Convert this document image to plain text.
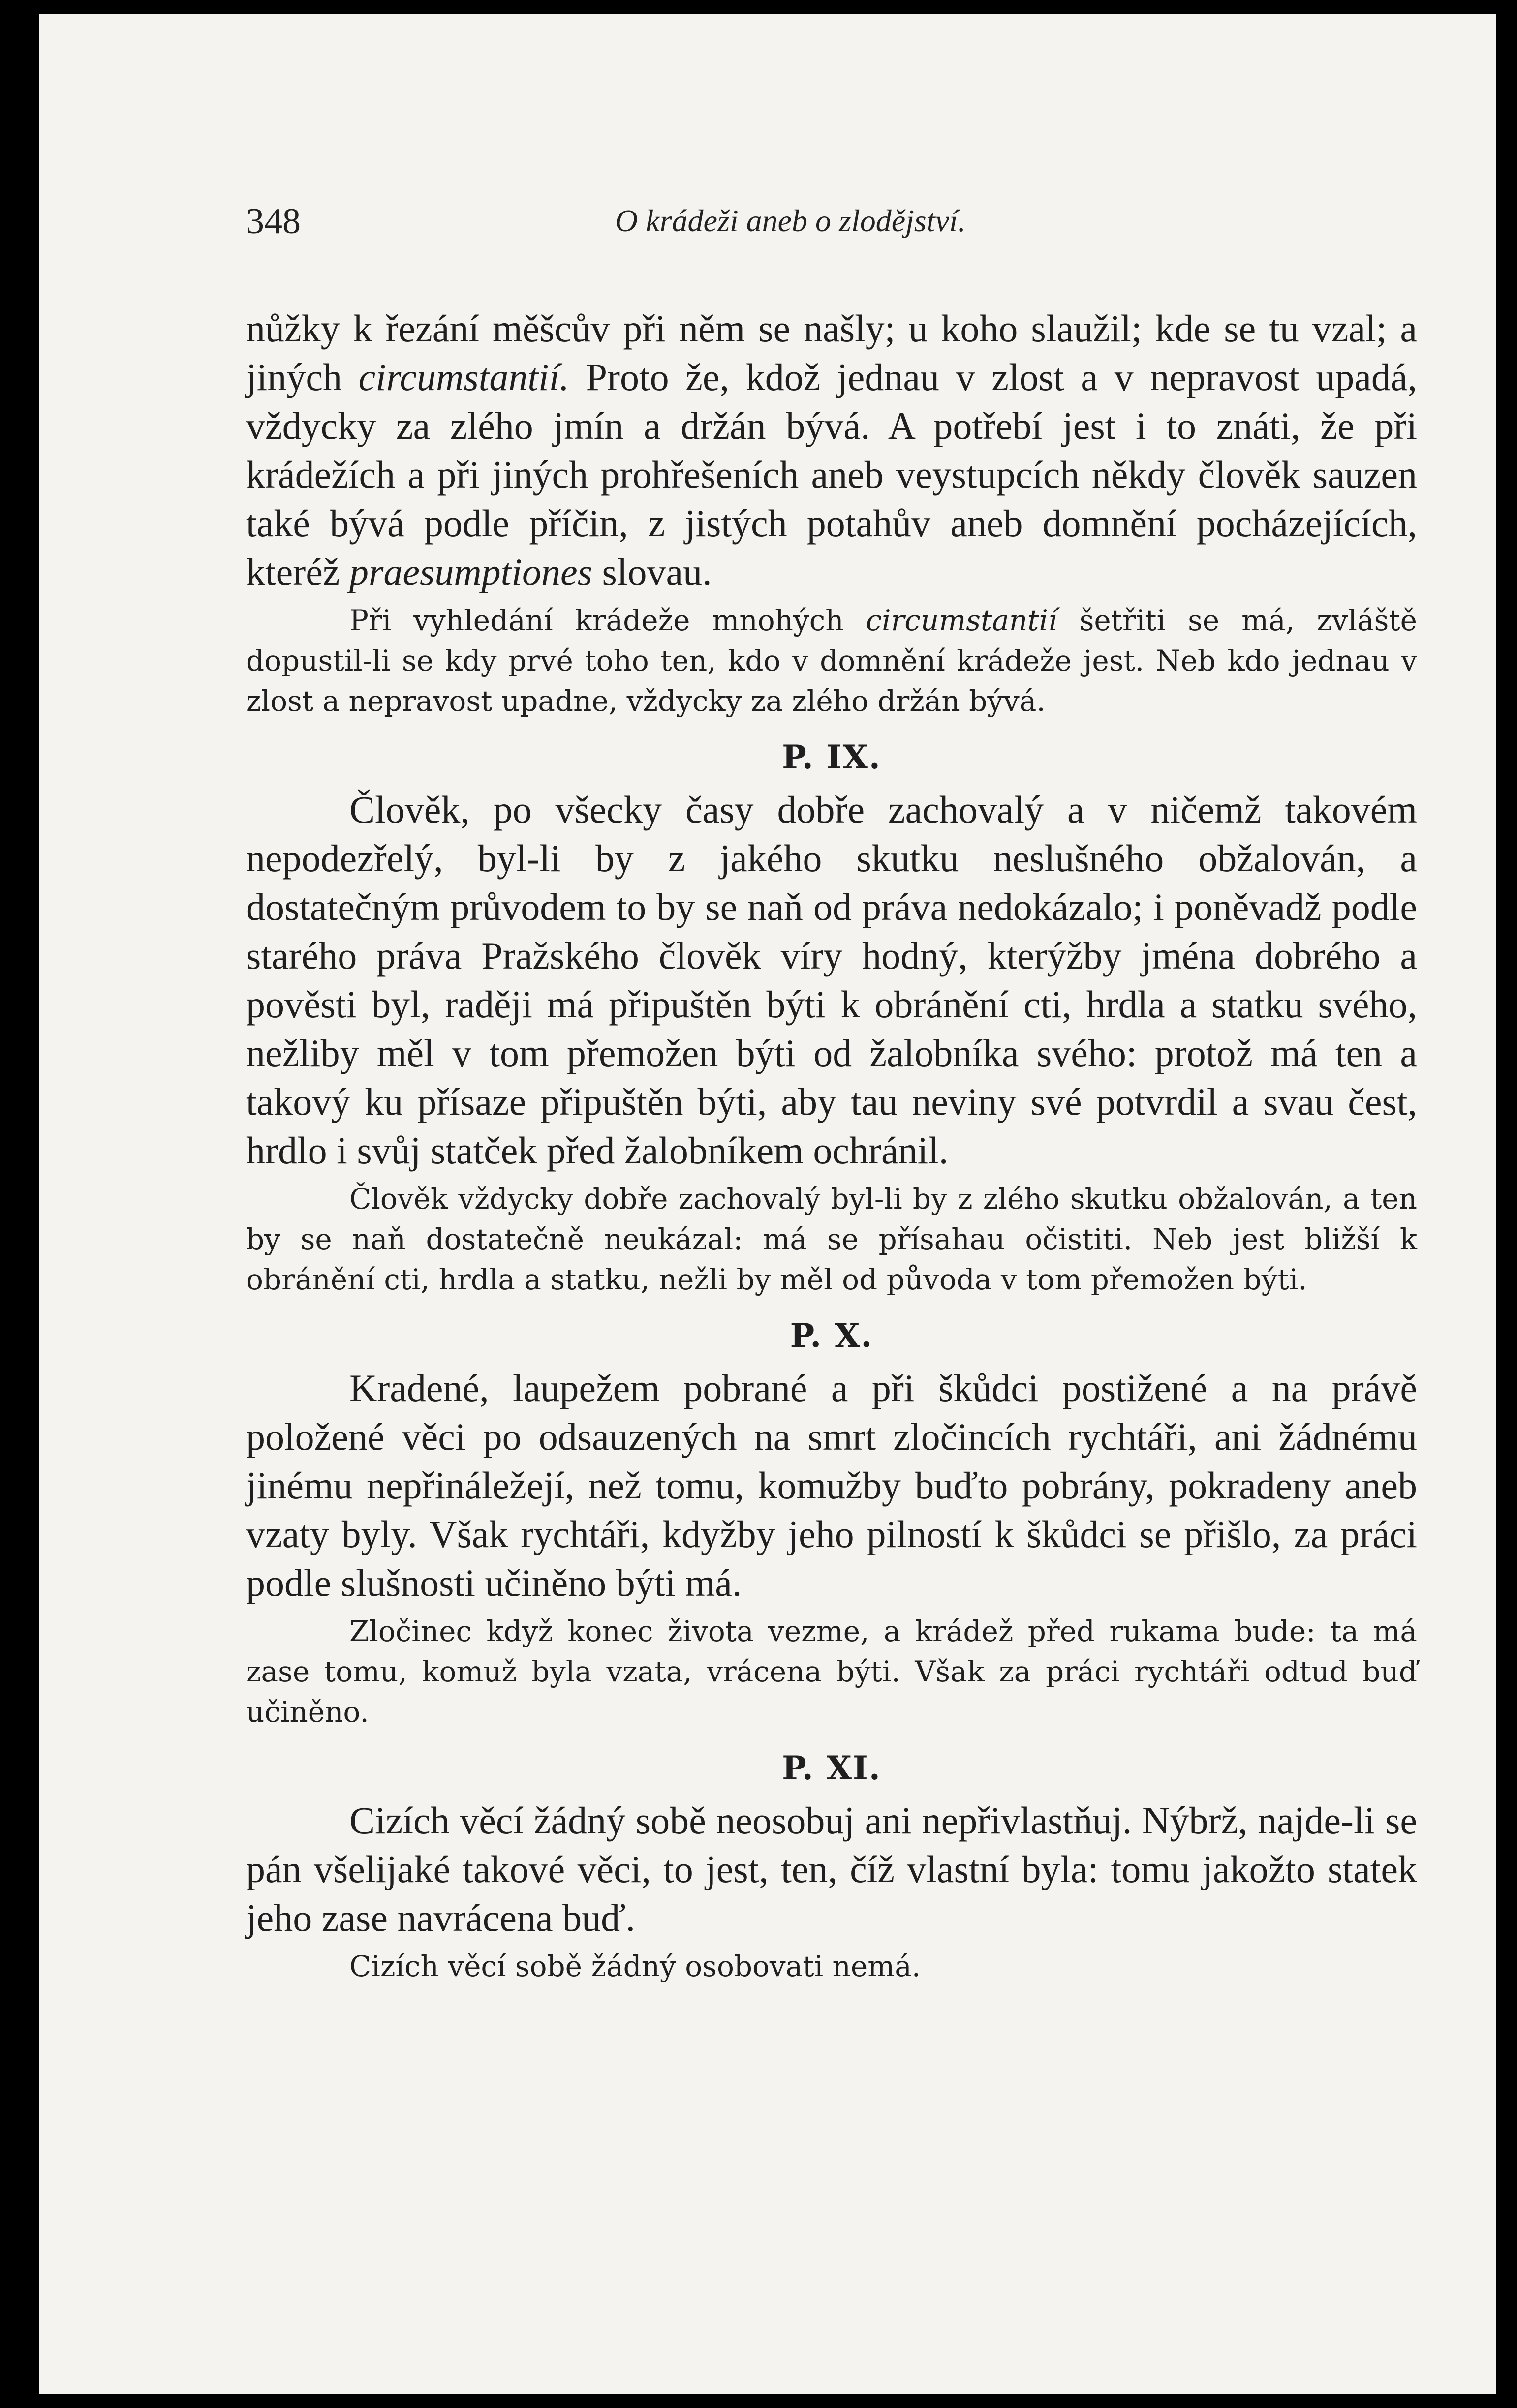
348	O krádeži aneb o zlodějství.

nůžky k řezání měšcův při něm se našly; u koho slaužil; kde se tu vzal; a jiných circumstantií. Proto že, kdož jednau v zlost a v nepravost upadá, vždycky za zlého jmín a držán bývá. A potřebí jest i to znáti, že při krádežích a při jiných prohřešeních aneb veystupcích někdy člověk sauzen také bývá podle příčin, z jistých potahův aneb domnění pocházejících, kteréž praesumptiones slovau.

Při vyhledání krádeže mnohých circumstantií šetřiti se má, zvláště dopustil-li se kdy prvé toho ten, kdo v domnění krádeže jest. Neb kdo jednau v zlost a nepravost upadne, vždycky za zlého držán bývá.

P. IX.

Člověk, po všecky časy dobře zachovalý a v ničemž takovém nepodezřelý, byl-li by z jakého skutku neslušného obžalován, a dostatečným průvodem to by se naň od práva nedokázalo; i poněvadž podle starého práva Pražského člověk víry hodný, kterýžby jména dobrého a pověsti byl, raději má připuštěn býti k obránění cti, hrdla a statku svého, nežliby měl v tom přemožen býti od žalobníka svého: protož má ten a takový ku přísaze připuštěn býti, aby tau neviny své potvrdil a svau čest, hrdlo i svůj statček před žalobníkem ochránil.

Člověk vždycky dobře zachovalý byl-li by z zlého skutku obžalován, a ten by se naň dostatečně neukázal: má se přísahau očistiti. Neb jest bližší k obránění cti, hrdla a statku, nežli by měl od původa v tom přemožen býti.

P. X.

Kradené, laupežem pobrané a při škůdci postižené a na právě položené věci po odsauzených na smrt zločincích rychtáři, ani žádnému jinému nepřináležejí, než tomu, komužby buďto pobrány, pokradeny aneb vzaty byly. Však rychtáři, kdyžby jeho pilností k škůdci se přišlo, za práci podle slušnosti učiněno býti má.

Zločinec když konec života vezme, a krádež před rukama bude: ta má zase tomu, komuž byla vzata, vrácena býti. Však za práci rychtáři odtud buď učiněno.

P. XI.

Cizích věcí žádný sobě neosobuj ani nepřivlastňuj. Nýbrž, najde-li se pán všelijaké takové věci, to jest, ten, číž vlastní byla: tomu jakožto statek jeho zase navrácena buď.

Cizích věcí sobě žádný osobovati nemá.
